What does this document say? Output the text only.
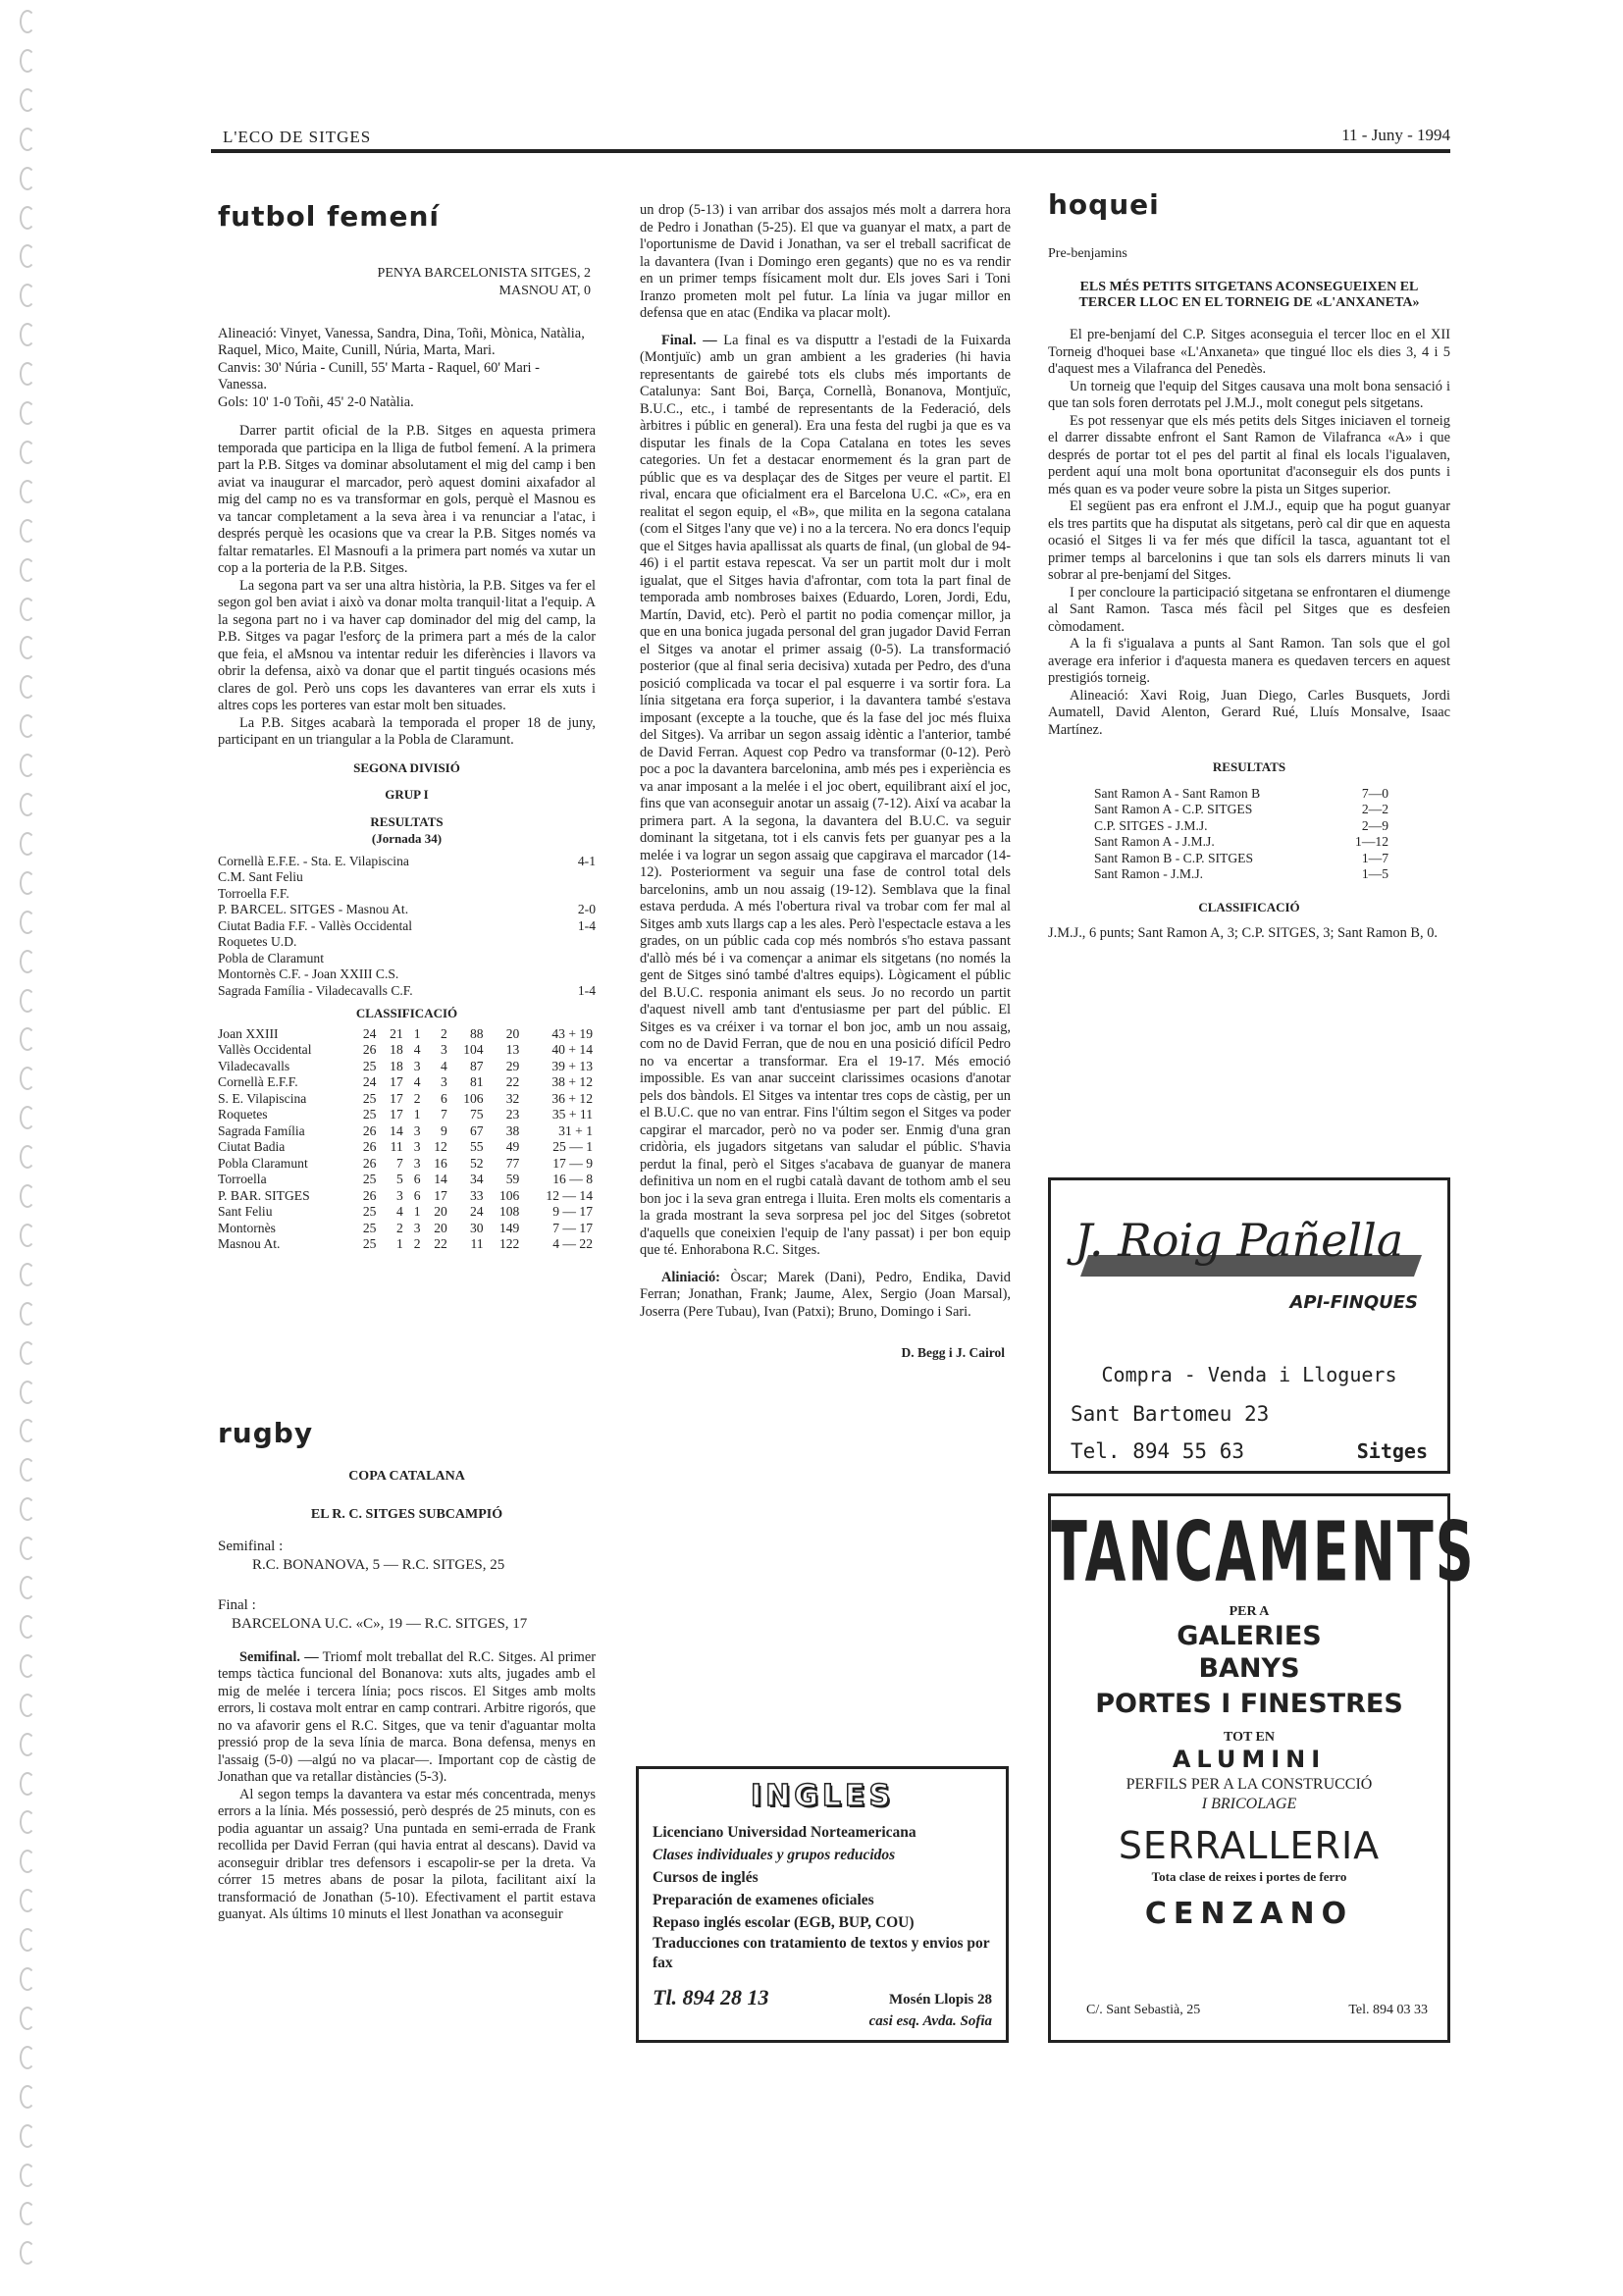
L'ECO DE SITGES	11 - Juny - 1994
futbol femení
PENYA BARCELONISTA SITGES, 2
MASNOU AT, 0
Alineació: Vinyet, Vanessa, Sandra, Dina, Toñi, Mònica, Natàlia, Raquel, Mico, Maite, Cunill, Núria, Marta, Mari.
Canvis: 30' Núria - Cunill, 55' Marta - Raquel, 60' Mari - Vanessa.
Gols: 10' 1-0 Toñi, 45' 2-0 Natàlia.

Darrer partit oficial de la P.B. Sitges en aquesta primera temporada que participa en la lliga de futbol femení. A la primera part la P.B. Sitges va dominar absolutament el mig del camp i ben aviat va inaugurar el marcador, però aquest domini aixafador al mig del camp no es va transformar en gols, perquè el Masnou es va tancar completament a la seva àrea i va renunciar a l'atac, i després perquè les ocasions que va crear la P.B. Sitges només va faltar rematarles. El Masnoufi a la primera part només va xutar un cop a la porteria de la P.B. Sitges.

La segona part va ser una altra història, la P.B. Sitges va fer el segon gol ben aviat i això va donar molta tranquil·litat a l'equip. A la segona part no i va haver cap dominador del mig del camp, la P.B. Sitges va pagar l'esforç de la primera part a més de la calor que feia, el aMsnou va intentar reduir les diferències i llavors va obrir la defensa, això va donar que el partit tingués ocasions més clares de gol. Però uns cops les davanteres van errar els xuts i altres cops les porteres van estar molt ben situades.

La P.B. Sitges acabarà la temporada el proper 18 de juny, participant en un triangular a la Pobla de Claramunt.

SEGONA DIVISIÓ

GRUP I

RESULTATS

(Jornada 34)

Cornellà E.F.E. - Sta. E. Vilapiscina	4-1
C.M. Sant Feliu	
Torroella F.F.	
P. BARCEL. SITGES - Masnou At.	2-0
Ciutat Badia F.F. - Vallès Occidental	1-4
Roquetes U.D.	
Pobla de Claramunt	
Montornès C.F. - Joan XXIII C.S.	
Sagrada Família - Viladecavalls C.F.	1-4

CLASSIFICACIÓ

Joan XXIII	24	21	1	2	88	20	43 + 19
Vallès Occidental	26	18	4	3	104	13	40 + 14
Viladecavalls	25	18	3	4	87	29	39 + 13
Cornellà E.F.F.	24	17	4	3	81	22	38 + 12
S. E. Vilapiscina	25	17	2	6	106	32	36 + 12
Roquetes	25	17	1	7	75	23	35 + 11
Sagrada Família	26	14	3	9	67	38	31 + 1
Ciutat Badia	26	11	3	12	55	49	25 — 1
Pobla Claramunt	26	7	3	16	52	77	17 — 9
Torroella	25	5	6	14	34	59	16 — 8
P. BAR. SITGES	26	3	6	17	33	106	12 — 14
Sant Feliu	25	4	1	20	24	108	9 — 17
Montornès	25	2	3	20	30	149	7 — 17
Masnou At.	25	1	2	22	11	122	4 — 22
rugby

COPA CATALANA

EL R. C. SITGES SUBCAMPIÓ

Semifinal :
R.C. BONANOVA, 5 — R.C. SITGES, 25
Final :
BARCELONA U.C. «C», 19 — R.C. SITGES, 17

Semifinal. — Triomf molt treballat del R.C. Sitges. Al primer temps tàctica funcional del Bonanova: xuts alts, jugades amb el mig de melée i tercera línia; pocs riscos. El Sitges amb molts errors, li costava molt entrar en camp contrari. Arbitre rigorós, que no va afavorir gens el R.C. Sitges, que va tenir d'aguantar molta pressió prop de la seva línia de marca. Bona defensa, menys en l'assaig (5-0) —algú no va placar—. Important cop de càstig de Jonathan que va retallar distàncies (5-3).

Al segon temps la davantera va estar més concentrada, menys errors a la línia. Més possessió, però després de 25 minuts, con es podia aguantar un assaig? Una puntada en semi-errada de Frank recollida per David Ferran (qui havia entrat al descans). David va aconseguir driblar tres defensors i escapolir-se per la dreta. Va córrer 15 metres abans de posar la pilota, facilitant així la transformació de Jonathan (5-10). Efectivament el partit estava guanyat. Als últims 10 minuts el llest Jonathan va aconseguir

un drop (5-13) i van arribar dos assajos més molt a darrera hora de Pedro i Jonathan (5-25). El que va guanyar el matx, a part de l'oportunisme de David i Jonathan, va ser el treball sacrificat de la davantera (Ivan i Domingo eren gegants) que no es va rendir en un primer temps físicament molt dur. Els joves Sari i Toni Iranzo prometen molt pel futur. La línia va jugar millor en defensa que en atac (Endika va placar molt).

Final. — La final es va disputtr a l'estadi de la Fuixarda (Montjuïc) amb un gran ambient a les graderies (hi havia representants de gairebé tots els clubs més importants de Catalunya: Sant Boi, Barça, Cornellà, Bonanova, Montjuïc, B.U.C., etc., i també de representants de la Federació, dels àrbitres i públic en general). Era una festa del rugbi ja que es va disputar les finals de la Copa Catalana en totes les seves categories. Un fet a destacar enormement és la gran part de públic que es va desplaçar des de Sitges per veure el partit. El rival, encara que oficialment era el Barcelona U.C. «C», era en realitat el segon equip, el «B», que milita en la segona catalana (com el Sitges l'any que ve) i no a la tercera. No era doncs l'equip que el Sitges havia apallissat als quarts de final, (un global de 94-46) i el partit estava repescat. Va ser un partit molt dur i molt igualat, que el Sitges havia d'afrontar, com tota la part final de temporada amb nombroses baixes (Eduardo, Loren, Jordi, Edu, Martín, David, etc). Però el partit no podia començar millor, ja que en una bonica jugada personal del gran jugador David Ferran el Sitges va anotar el primer assaig (0-5). La transformació posterior (que al final seria decisiva) xutada per Pedro, des d'una posició complicada va tocar el pal esquerre i va sortir fora. La línia sitgetana era força superior, i la davantera també s'estava imposant (excepte a la touche, que és la fase del joc més fluixa del Sitges). Va arribar un segon assaig idèntic a l'anterior, també de David Ferran. Aquest cop Pedro va transformar (0-12). Però poc a poc la davantera barcelonina, amb més pes i experiència es va anar imposant a la melée i el joc obert, equilibrant així el joc, fins que van aconseguir anotar un assaig (7-12). Així va acabar la primera part. A la segona, la davantera del B.U.C. va seguir dominant la sitgetana, tot i els canvis fets per guanyar pes a la melée i va lograr un segon assaig que capgirava el marcador (14-12). Posteriorment va seguir una fase de control total dels barcelonins, amb un nou assaig (19-12). Semblava que la final estava perduda. A més l'obertura rival va trobar com fer mal al Sitges amb xuts llargs cap a les ales. Però l'espectacle estava a les grades, on un públic cada cop més nombrós s'ho estava passant d'allò més bé i va començar a animar els sitgetans (no només la gent de Sitges sinó també d'altres equips). Lògicament el públic del B.U.C. responia animant els seus. Jo no recordo un partit d'aquest nivell amb tant d'entusiasme per part del públic. El Sitges es va créixer i va tornar el bon joc, amb un nou assaig, com no de David Ferran, que de nou en una posició difícil Pedro no va encertar a transformar. Era el 19-17. Més emoció impossible. Es van anar succeint clarissimes ocasions d'anotar pels dos bàndols. El Sitges va intentar tres cops de càstig, per un el B.U.C. que no van entrar. Fins l'últim segon el Sitges va poder capgirar el marcador, però no va poder ser. Enmig d'una gran cridòria, els jugadors sitgetans van saludar el públic. S'havia perdut la final, però el Sitges s'acabava de guanyar de manera definitiva un nom en el rugbi català davant de tothom amb el seu bon joc i la seva gran entrega i lluita. Eren molts els comentaris a la grada mostrant la seva sorpresa pel joc del Sitges (sobretot d'aquells que coneixien l'equip de l'any passat) i per bon equip que té. Enhorabona R.C. Sitges.

Aliniació: Òscar; Marek (Dani), Pedro, Endika, David Ferran; Jonathan, Frank; Jaume, Alex, Sergio (Joan Marsal), Joserra (Pere Tubau), Ivan (Patxi); Bruno, Domingo i Sari.

D. Begg i J. Cairol
INGLES
Licenciano Universidad Norteamericana
Clases individuales y grupos reducidos
Cursos de inglés
Preparación de examenes oficiales
Repaso inglés escolar (EGB, BUP, COU)
Traducciones con tratamiento de textos y envios por fax
Tl. 894 28 13	Mosén Llopis 28
casi esq. Avda. Sofia
hoquei
Pre-benjamins
ELS MÉS PETITS SITGETANS ACONSEGUEIXEN EL TERCER LLOC EN EL TORNEIG DE «L'ANXANETA»

El pre-benjamí del C.P. Sitges aconseguia el tercer lloc en el XII Torneig d'hoquei base «L'Anxaneta» que tingué lloc els dies 3, 4 i 5 d'aquest mes a Vilafranca del Penedès.

Un torneig que l'equip del Sitges causava una molt bona sensació i que tan sols foren derrotats pel J.M.J., molt conegut pels sitgetans.

Es pot ressenyar que els més petits dels Sitges iniciaven el torneig el darrer dissabte enfront el Sant Ramon de Vilafranca «A» i que després de portar tot el pes del partit al final els locals l'igualaven, perdent aquí una molt bona oportunitat d'aconseguir els dos punts i més quan es va poder veure sobre la pista un Sitges superior.

El següent pas era enfront el J.M.J., equip que ha pogut guanyar els tres partits que ha disputat als sitgetans, però cal dir que en aquesta ocasió el Sitges li va fer més que difícil la tasca, aguantant tot el primer temps al barcelonins i que tan sols els darrers minuts li van sobrar al pre-benjamí del Sitges.

I per concloure la participació sitgetana se enfrontaren el diumenge al Sant Ramon. Tasca més fàcil pel Sitges que es desfeien còmodament.

A la fi s'igualava a punts al Sant Ramon. Tan sols que el gol average era inferior i d'aquesta manera es quedaven tercers en aquest prestigiós torneig.

Alineació: Xavi Roig, Juan Diego, Carles Busquets, Jordi Aumatell, David Alenton, Gerard Rué, Lluís Monsalve, Isaac Martínez.

RESULTATS

Sant Ramon A - Sant Ramon B	7—0
Sant Ramon A - C.P. SITGES	2—2
C.P. SITGES - J.M.J.	2—9
Sant Ramon A - J.M.J.	1—12
Sant Ramon B - C.P. SITGES	1—7
Sant Ramon - J.M.J.	1—5

CLASSIFICACIÓ

J.M.J., 6 punts; Sant Ramon A, 3; C.P. SITGES, 3; Sant Ramon B, 0.

J. Roig Pañella
API-FINQUES
Compra - Venda i Lloguers
Sant Bartomeu 23
Tel. 894 55 63	Sitges
TANCAMENTS
PER A
GALERIES
BANYS
PORTES I FINESTRES
TOT EN
ALUMINI
PERFILS PER A LA CONSTRUCCIÓ
I BRICOLAGE
SERRALLERIA
Tota clase de reixes i portes de ferro
CENZANO
C/. Sant Sebastià, 25	Tel. 894 03 33
